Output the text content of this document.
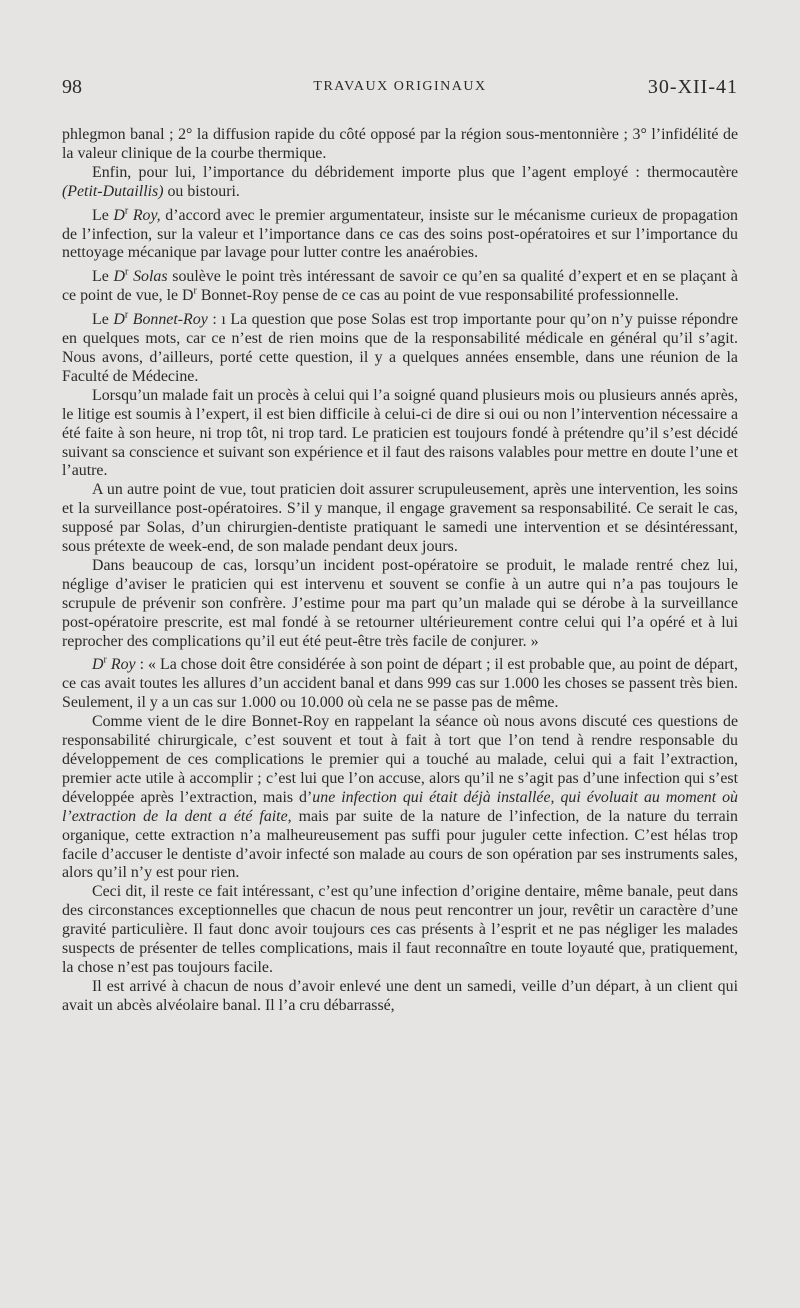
98	TRAVAUX ORIGINAUX	30-XII-41

phlegmon banal ; 2° la diffusion rapide du côté opposé par la région sous-mentonnière ; 3° l’infidélité de la valeur clinique de la courbe thermique.

Enfin, pour lui, l’importance du débridement importe plus que l’agent employé : thermocautère (Petit-Dutaillis) ou bistouri.

Le $D^r$ Roy, d’accord avec le premier argumentateur, insiste sur le mécanisme curieux de propagation de l’infection, sur la valeur et l’importance dans ce cas des soins post-opératoires et sur l’importance du nettoyage mécanique par lavage pour lutter contre les anaérobies.

Le $D^r$ Solas soulève le point très intéressant de savoir ce qu’en sa qualité d’expert et en se plaçant à ce point de vue, le $D^r$ Bonnet-Roy pense de ce cas au point de vue responsabilité professionnelle.

Le $D^r$ Bonnet-Roy : ı La question que pose Solas est trop importante pour qu’on n’y puisse répondre en quelques mots, car ce n’est de rien moins que de la responsabilité médicale en général qu’il s’agit. Nous avons, d’ailleurs, porté cette question, il y a quelques années ensemble, dans une réunion de la Faculté de Médecine.

Lorsqu’un malade fait un procès à celui qui l’a soigné quand plusieurs mois ou plusieurs annés après, le litige est soumis à l’expert, il est bien difficile à celui-ci de dire si oui ou non l’intervention nécessaire a été faite à son heure, ni trop tôt, ni trop tard. Le praticien est toujours fondé à prétendre qu’il s’est décidé suivant sa conscience et suivant son expérience et il faut des raisons valables pour mettre en doute l’une et l’autre.

A un autre point de vue, tout praticien doit assurer scrupuleusement, après une intervention, les soins et la surveillance post-opératoires. S’il y manque, il engage gravement sa responsabilité. Ce serait le cas, supposé par Solas, d’un chirurgien-dentiste pratiquant le samedi une intervention et se désintéressant, sous prétexte de week-end, de son malade pendant deux jours.

Dans beaucoup de cas, lorsqu’un incident post-opératoire se produit, le malade rentré chez lui, néglige d’aviser le praticien qui est intervenu et souvent se confie à un autre qui n’a pas toujours le scrupule de prévenir son confrère. J’estime pour ma part qu’un malade qui se dérobe à la surveillance post-opératoire prescrite, est mal fondé à se retourner ultérieurement contre celui qui l’a opéré et à lui reprocher des complications qu’il eut été peut-être très facile de conjurer. »

$D^r$ Roy : « La chose doit être considérée à son point de départ ; il est probable que, au point de départ, ce cas avait toutes les allures d’un accident banal et dans 999 cas sur 1.000 les choses se passent très bien. Seulement, il y a un cas sur 1.000 ou 10.000 où cela ne se passe pas de même.

Comme vient de le dire Bonnet-Roy en rappelant la séance où nous avons discuté ces questions de responsabilité chirurgicale, c’est souvent et tout à fait à tort que l’on tend à rendre responsable du développement de ces complications le premier qui a touché au malade, celui qui a fait l’extraction, premier acte utile à accomplir ; c’est lui que l’on accuse, alors qu’il ne s’agit pas d’une infection qui s’est développée après l’extraction, mais d’une infection qui était déjà installée, qui évoluait au moment où l’extraction de la dent a été faite, mais par suite de la nature de l’infection, de la nature du terrain organique, cette extraction n’a malheureusement pas suffi pour juguler cette infection. C’est hélas trop facile d’accuser le dentiste d’avoir infecté son malade au cours de son opération par ses instruments sales, alors qu’il n’y est pour rien.

Ceci dit, il reste ce fait intéressant, c’est qu’une infection d’origine dentaire, même banale, peut dans des circonstances exceptionnelles que chacun de nous peut rencontrer un jour, revêtir un caractère d’une gravité particulière. Il faut donc avoir toujours ces cas présents à l’esprit et ne pas négliger les malades suspects de présenter de telles complications, mais il faut reconnaître en toute loyauté que, pratiquement, la chose n’est pas toujours facile.

Il est arrivé à chacun de nous d’avoir enlevé une dent un samedi, veille d’un départ, à un client qui avait un abcès alvéolaire banal. Il l’a cru débarrassé,
